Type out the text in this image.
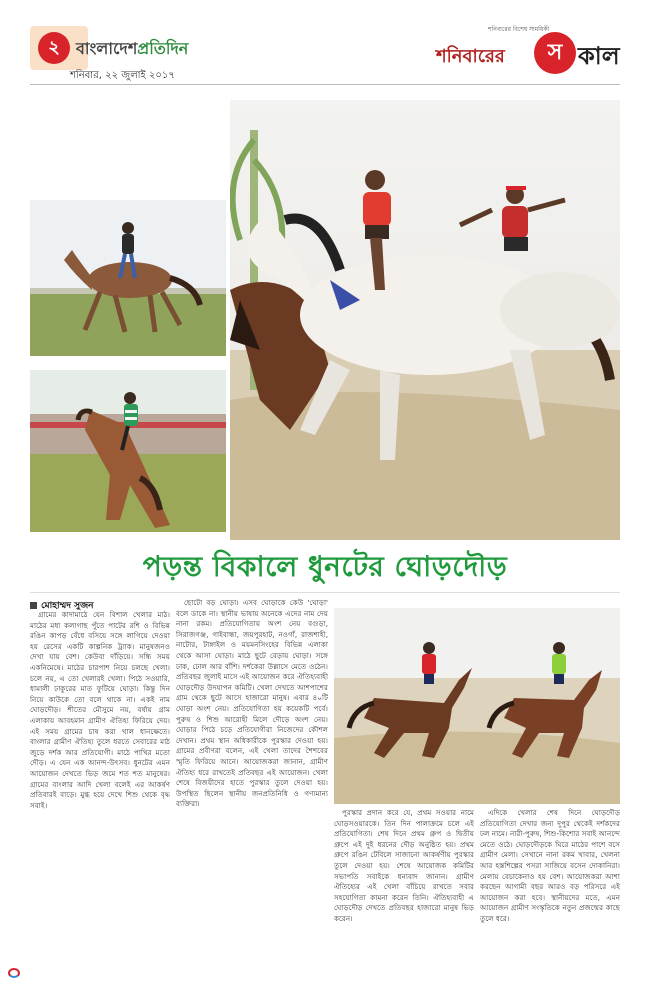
২	বাংলাদেশপ্রতিদিন
শনিবার, ২২ জুলাই ২০১৭
শনিবারের বিশেষ সাময়িকী
শনিবারের	স কাল
পড়ন্ত বিকালে ধুনটের ঘোড়দৌড়
মোহাম্মদ সুজন

গ্রামের কাদামাঠে যেন বিশাল খেলার মাঠ। মাঠের মধ্য কলাগাছ পুঁতে পাটের রশি ও বিভিন্ন রঙিন কাপড় বেঁধে বসিয়ে সঙ্গে লাগিয়ে দেওয়া হয় রেসের একটি কাল্পনিক ট্র্যাক। মানুষজনও দেখা যায় বেশ। কেউবা দাঁড়িয়ে। সন্ধি সময় একনিমেষে। মাঠের চারপাশ নিয়ে চলছে খেলা। চলে নয়, এ তো খেলারই খেলা। পিঠে সওয়ারি, ধামালী ঢাকুরের মাত ফুটিয়ে ঘোড়া। কিন্তু দিন নিয়ে কাউকে তো বলে থাকে না। একই নাম ঘোড়দৌড়। শীতের মৌসুমে নয়, বর্ষায় গ্রাম এলাকায় আবহমান গ্রামীণ ঐতিহ্য ফিরিয়ে দেয়। এই সময় গ্রামের চাষ করা খাল ধানক্ষেতে। বাংলার গ্রামীণ ঐতিহ্য তুলে ধরতে সেবারের মাঠ জুড়ে দর্শক আর প্রতিযোগী। মাঠে পাখির মতো দৌড়। এ যেন এক আনন্দ-উৎসব। ধুনটের এমন আয়োজন দেখতে ভিড় জমে শত শত মানুষের। গ্রামের বাংলার আদি খেলা বলেই এর আকর্ষণ প্রতিবারই বাড়ে। মুগ্ধ হয়ে দেখে শিশু থেকে বৃদ্ধ সবাই।

ছোটো বড় ঘোড়া। এসব ঘোড়াকে কেউ 'ঘোড়া' বলে ডাকে না। স্থানীয় ভাষায় অনেকে এদের নাম দেয় নানা রকম। প্রতিযোগিতায় অংশ নেয় বগুড়া, সিরাজগঞ্জ, গাইবান্ধা, জয়পুরহাট, নওগাঁ, রাজশাহী, নাটোর, টাঙ্গাইল ও ময়মনসিংহের বিভিন্ন এলাকা থেকে আসা ঘোড়া। মাঠে ছুটে বেড়ায় ঘোড়া। সঙ্গে ঢাক, ঢোল আর বাঁশি। দর্শকেরা উল্লাসে মেতে ওঠেন। প্রতিবছর জুলাই মাসে এই আয়োজন করে ঐতিহ্যবাহী ঘোড়দৌড় উদযাপন কমিটি। খেলা দেখতে আশপাশের গ্রাম থেকে ছুটে আসে হাজারো মানুষ। এবার ৪০টি ঘোড়া অংশ নেয়। প্রতিযোগিতা হয় কয়েকটি পর্বে। পুরুষ ও শিশু আরোহী মিলে দৌড়ে অংশ নেয়। ঘোড়ার পিঠে চড়ে প্রতিযোগীরা নিজেদের কৌশল দেখান। প্রথম স্থান অধিকারীকে পুরস্কার দেওয়া হয়। গ্রামের প্রবীণরা বলেন, এই খেলা তাদের শৈশবের স্মৃতি ফিরিয়ে আনে। আয়োজকরা জানান, গ্রামীণ ঐতিহ্য ধরে রাখতেই প্রতিবছর এই আয়োজন। খেলা শেষে বিজয়ীদের হাতে পুরস্কার তুলে দেওয়া হয়। উপস্থিত ছিলেন স্থানীয় জনপ্রতিনিধি ও গণ্যমান্য ব্যক্তিরা।

পুরস্কার প্রদান করে যে, প্রথম সওয়ার নামে ঘোড়সওয়ারকে। তিন দিন পালাক্রমে চলে এই প্রতিযোগিতা। শেষ দিনে প্রথম গ্রুপ ও দ্বিতীয় গ্রুপে এই দুই ধরনের দৌড় অনুষ্ঠিত হয়। প্রথম গ্রুপে রঙিন টেবিলে সাজানো আকর্ষণীয় পুরস্কার তুলে দেওয়া হয়। শেষে আয়োজক কমিটির সভাপতি সবাইকে ধন্যবাদ জানান। গ্রামীণ ঐতিহ্যের এই খেলা বাঁচিয়ে রাখতে সবার সহযোগিতা কামনা করেন তিনি। ঐতিহ্যবাহী এ ঘোড়দৌড় দেখতে প্রতিবছর হাজারো মানুষ ভিড় করেন।

এদিকে খেলার শেষ দিনে ঘোড়দৌড় প্রতিযোগিতা দেখার জন্য দুপুর থেকেই দর্শকদের ঢল নামে। নারী-পুরুষ, শিশু-কিশোর সবাই আনন্দে মেতে ওঠে। ঘোড়দৌড়কে ঘিরে মাঠের পাশে বসে গ্রামীণ মেলা। সেখানে নানা রকম খাবার, খেলনা আর হস্তশিল্পের পসরা সাজিয়ে বসেন দোকানিরা। মেলায় বেচাকেনাও হয় বেশ। আয়োজকরা আশা করছেন আগামী বছর আরও বড় পরিসরে এই আয়োজন করা হবে। স্থানীয়দের মতে, এমন আয়োজন গ্রামীণ সংস্কৃতিকে নতুন প্রজন্মের কাছে তুলে ধরে।
